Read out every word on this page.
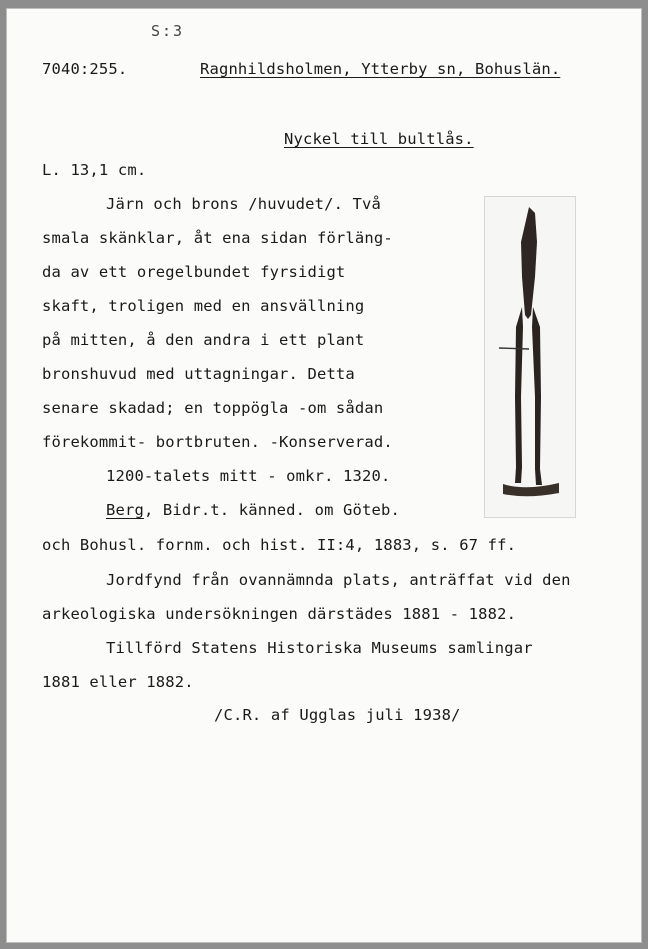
S:3
7040:255.	Ragnhildsholmen, Ytterby sn, Bohuslän.
Nyckel till bultlås.
L. 13,1 cm.
Järn och brons /huvudet/. Två
smala skänklar, åt ena sidan förläng-
da av ett oregelbundet fyrsidigt
skaft, troligen med en ansvällning
på mitten, å den andra i ett plant
bronshuvud med uttagningar. Detta
senare skadad; en toppögla -om sådan
förekommit- bortbruten. -Konserverad.
1200-talets mitt - omkr. 1320.
Berg, Bidr.t. känned. om Göteb.
och Bohusl. fornm. och hist. II:4, 1883, s. 67 ff.
Jordfynd från ovannämnda plats, anträffat vid den
arkeologiska undersökningen därstädes 1881 - 1882.
Tillförd Statens Historiska Museums samlingar
1881 eller 1882.
/C.R. af Ugglas juli 1938/
